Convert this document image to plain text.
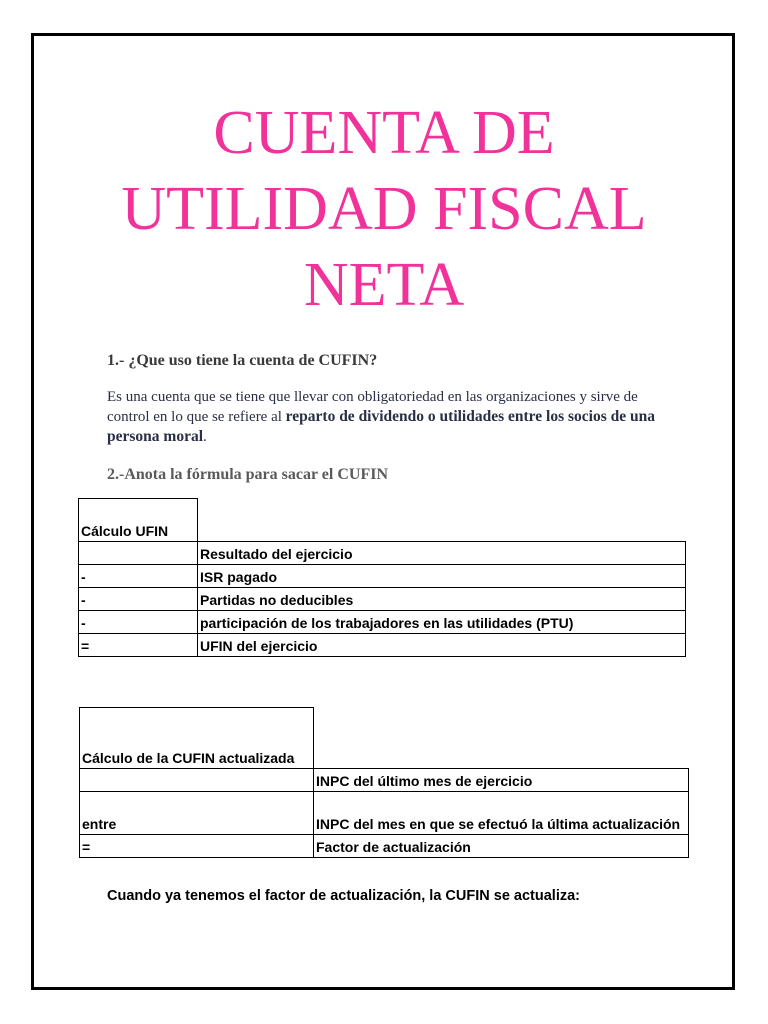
CUENTA DE
UTILIDAD FISCAL
NETA

1.- ¿Que uso tiene la cuenta de CUFIN?

Es una cuenta que se tiene que llevar con obligatoriedad en las organizaciones y sirve de control en lo que se refiere al reparto de dividendo o utilidades entre los socios de una persona moral.

2.-Anota la fórmula para sacar el CUFIN

Cálculo UFIN	
	Resultado del ejercicio
-	ISR pagado
-	Partidas no deducibles
-	participación de los trabajadores en las utilidades (PTU)
=	UFIN del ejercicio
Cálculo de la CUFIN actualizada	
	INPC del último mes de ejercicio
entre	INPC del mes en que se efectuó la última actualización
=	Factor de actualización

Cuando ya tenemos el factor de actualización, la CUFIN se actualiza:
